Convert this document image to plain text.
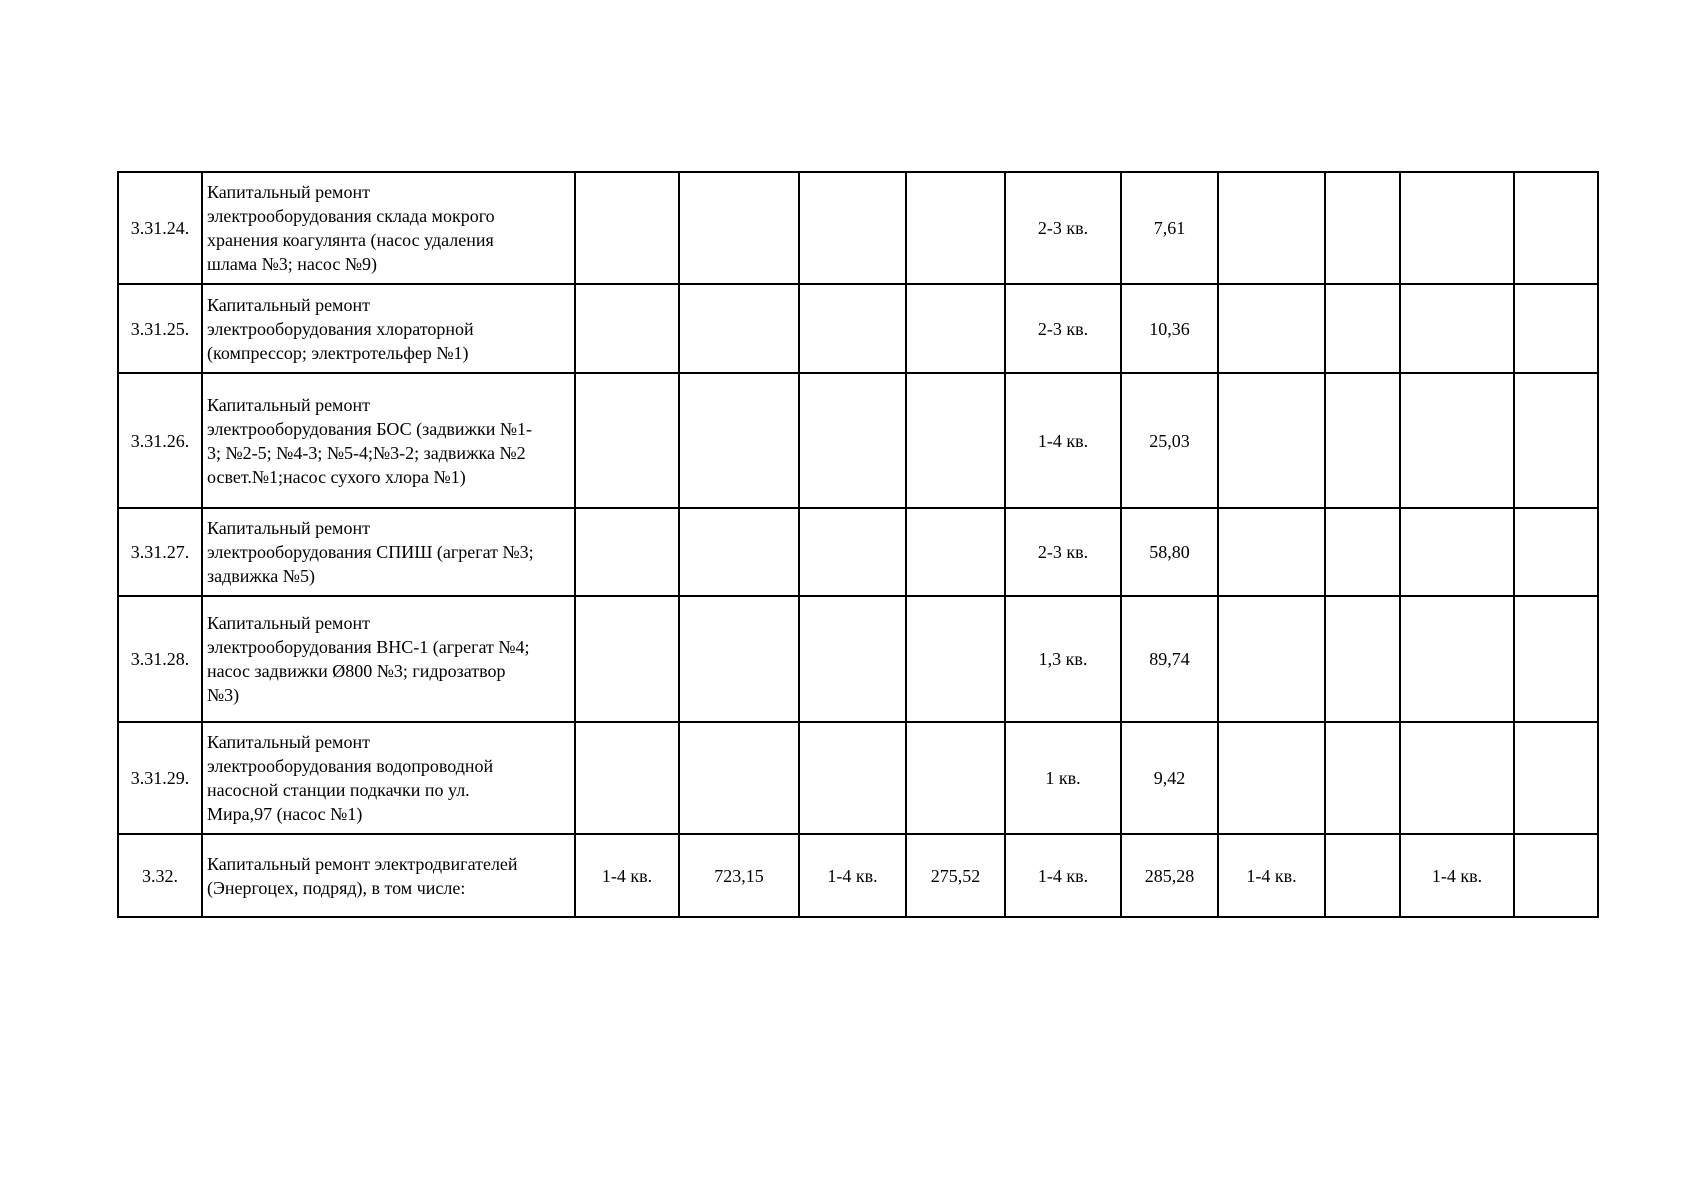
3.31.24.	Капитальный ремонт
электрооборудования склада мокрого
хранения коагулянта (насос удаления
шлама №3; насос №9)					2-3 кв.	7,61				
3.31.25.	Капитальный ремонт
электрооборудования хлораторной
(компрессор; электротельфер №1)					2-3 кв.	10,36				
3.31.26.	Капитальный ремонт
электрооборудования БОС (задвижки №1-
3; №2-5; №4-3; №5-4;№3-2; задвижка №2
освет.№1;насос сухого хлора №1)					1-4 кв.	25,03				
3.31.27.	Капитальный ремонт
электрооборудования СПИШ (агрегат №3;
задвижка №5)					2-3 кв.	58,80				
3.31.28.	Капитальный ремонт
электрооборудования ВНС-1 (агрегат №4;
насос задвижки Ø800 №3; гидрозатвор
№3)					1,3 кв.	89,74				
3.31.29.	Капитальный ремонт
электрооборудования водопроводной
насосной станции подкачки по ул.
Мира,97 (насос №1)					1 кв.	9,42				
3.32.	Капитальный ремонт электродвигателей
(Энергоцех, подряд), в том числе:	1-4 кв.	723,15	1-4 кв.	275,52	1-4 кв.	285,28	1-4 кв.		1-4 кв.	
